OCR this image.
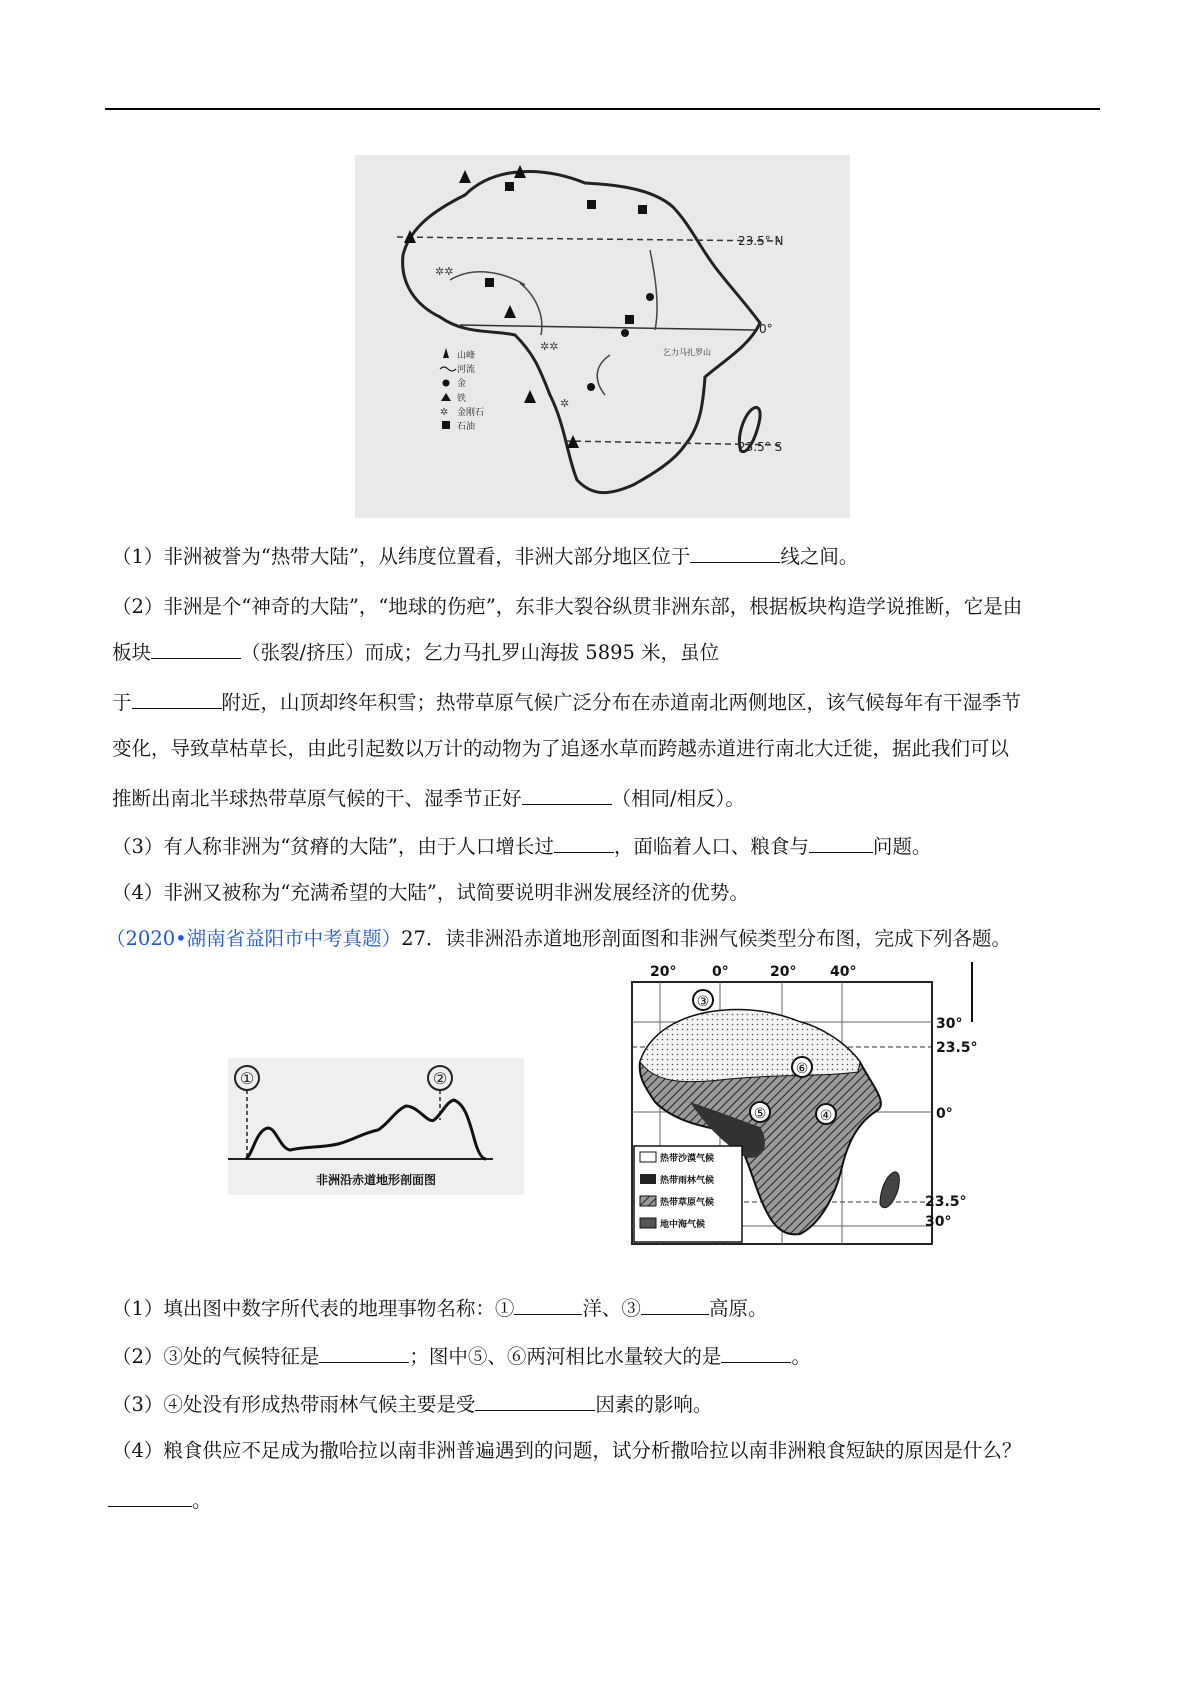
23.5° N
0°
23.5° S
乞力马扎罗山
✲✲
✲✲
✲
山峰
河流
金
铁
✲ 金刚石
石油
（1）非洲被誉为“热带大陆”，从纬度位置看，非洲大部分地区位于	线之间。
（2）非洲是个“神奇的大陆”，“地球的伤疤”，东非大裂谷纵贯非洲东部，根据板块构造学说推断，它是由
板块	（张裂/挤压）而成；乞力马扎罗山海拔 5895 米，虽位
于	附近，山顶却终年积雪；热带草原气候广泛分布在赤道南北两侧地区，该气候每年有干湿季节
变化，导致草枯草长，由此引起数以万计的动物为了追逐水草而跨越赤道进行南北大迁徙，据此我们可以
推断出南北半球热带草原气候的干、湿季节正好	（相同/相反）。
（3）有人称非洲为“贫瘠的大陆”，由于人口增长过	，面临着人口、粮食与	问题。
（4）非洲又被称为“充满希望的大陆”，试简要说明非洲发展经济的优势。
（2020•湖南省益阳市中考真题）27．读非洲沿赤道地形剖面图和非洲气候类型分布图，完成下列各题。
①	②
非洲沿赤道地形剖面图
20°	0°	20° 40°
30°
23.5°
0°
23.5°
30°
③
⑥
⑤	④
热带沙漠气候
热带雨林气候
热带草原气候
地中海气候
（1）填出图中数字所代表的地理事物名称：①	洋、③	高原。
（2）③处的气候特征是	；图中⑤、⑥两河相比水量较大的是	。
（3）④处没有形成热带雨林气候主要是受	因素的影响。
（4）粮食供应不足成为撒哈拉以南非洲普遍遇到的问题，试分析撒哈拉以南非洲粮食短缺的原因是什么？
。
